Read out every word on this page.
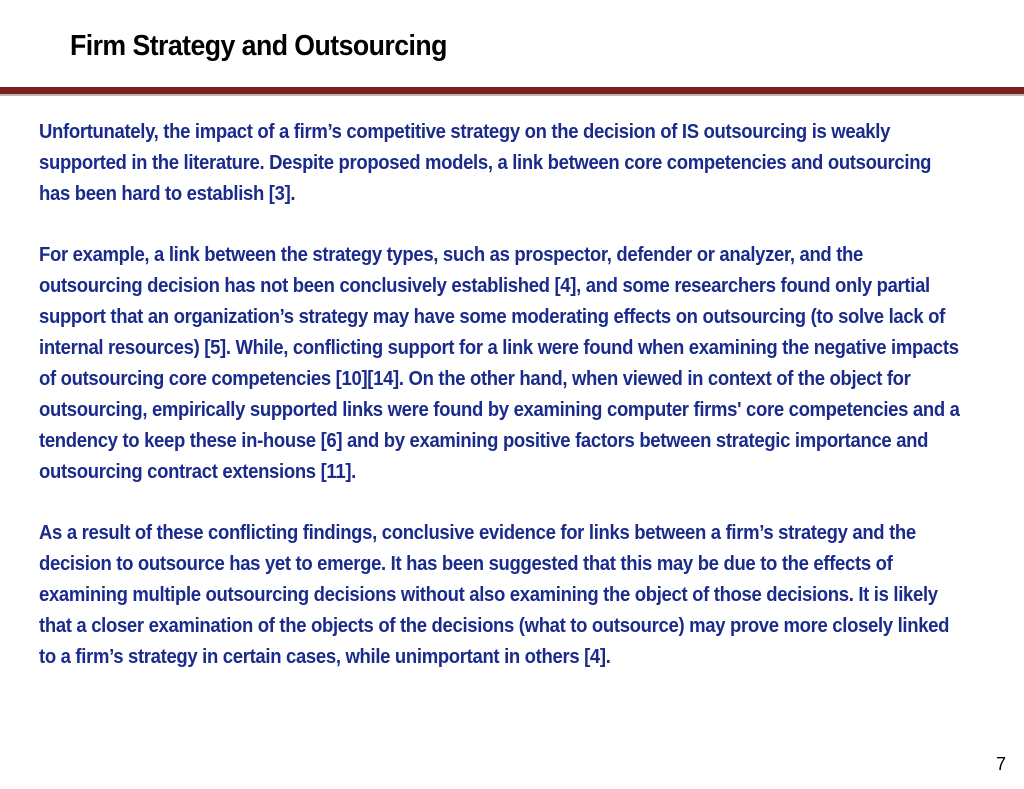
Firm Strategy and Outsourcing

Unfortunately, the impact of a firm’s competitive strategy on the decision of IS outsourcing is weakly supported in the literature. Despite proposed models, a link between core competencies and outsourcing has been hard to establish [3].

For example, a link between the strategy types, such as prospector, defender or analyzer, and the outsourcing decision has not been conclusively established [4], and some researchers found only partial support that an organization’s strategy may have some moderating effects on outsourcing (to solve lack of internal resources) [5]. While, conflicting support for a link were found when examining the negative impacts of outsourcing core competencies [10][14]. On the other hand, when viewed in context of the object for outsourcing, empirically supported links were found by examining computer firms' core competencies and a tendency to keep these in-house [6] and by examining positive factors between strategic importance and outsourcing contract extensions [11].

As a result of these conflicting findings, conclusive evidence for links between a firm’s strategy and the decision to outsource has yet to emerge. It has been suggested that this may be due to the effects of examining multiple outsourcing decisions without also examining the object of those decisions. It is likely that a closer examination of the objects of the decisions (what to outsource) may prove more closely linked to a firm’s strategy in certain cases, while unimportant in others [4].

7
